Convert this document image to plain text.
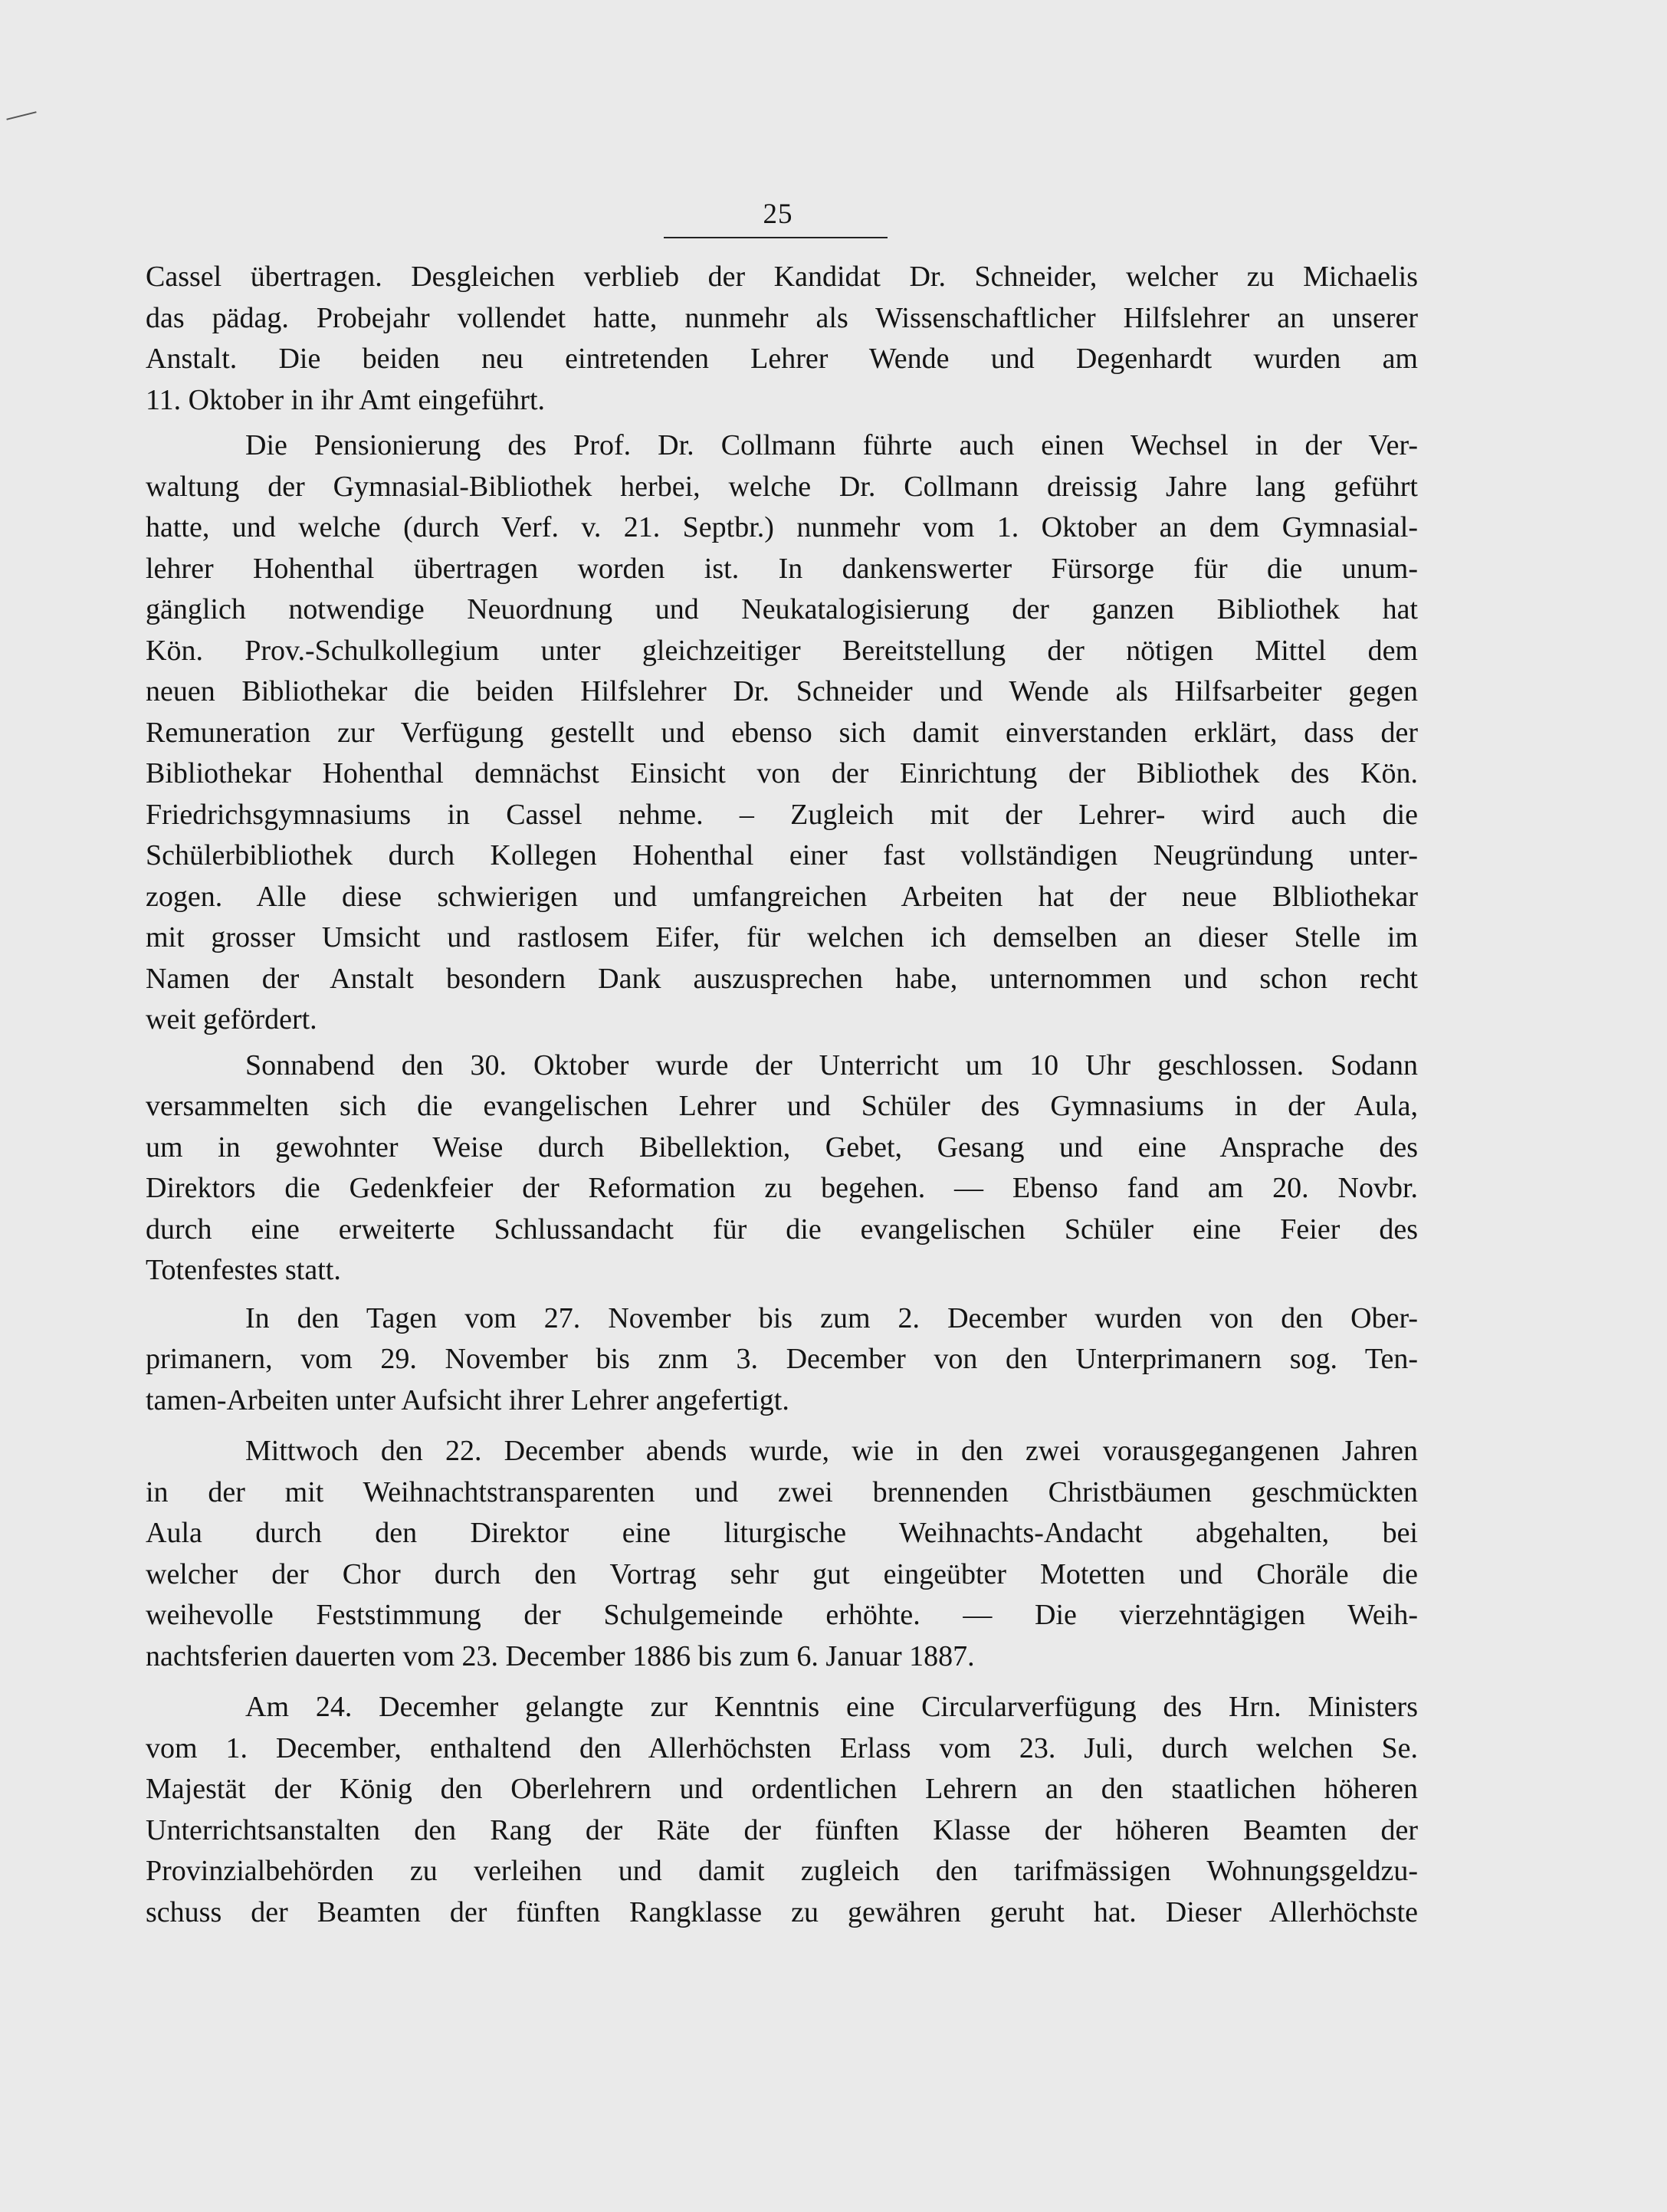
25
Cassel übertragen. Desgleichen verblieb der Kandidat Dr. Schneider, welcher zu Michaelis
das pädag. Probejahr vollendet hatte, nunmehr als Wissenschaftlicher Hilfslehrer an unserer
Anstalt. Die beiden neu eintretenden Lehrer Wende und Degenhardt wurden am
11. Oktober in ihr Amt eingeführt.
Die Pensionierung des Prof. Dr. Collmann führte auch einen Wechsel in der Ver-
waltung der Gymnasial-Bibliothek herbei, welche Dr. Collmann dreissig Jahre lang geführt
hatte, und welche (durch Verf. v. 21. Septbr.) nunmehr vom 1. Oktober an dem Gymnasial-
lehrer Hohenthal übertragen worden ist. In dankenswerter Fürsorge für die unum-
gänglich notwendige Neuordnung und Neukatalogisierung der ganzen Bibliothek hat
Kön. Prov.-Schulkollegium unter gleichzeitiger Bereitstellung der nötigen Mittel dem
neuen Bibliothekar die beiden Hilfslehrer Dr. Schneider und Wende als Hilfsarbeiter gegen
Remuneration zur Verfügung gestellt und ebenso sich damit einverstanden erklärt, dass der
Bibliothekar Hohenthal demnächst Einsicht von der Einrichtung der Bibliothek des Kön.
Friedrichsgymnasiums in Cassel nehme. – Zugleich mit der Lehrer- wird auch die
Schülerbibliothek durch Kollegen Hohenthal einer fast vollständigen Neugründung unter-
zogen. Alle diese schwierigen und umfangreichen Arbeiten hat der neue Blbliothekar
mit grosser Umsicht und rastlosem Eifer, für welchen ich demselben an dieser Stelle im
Namen der Anstalt besondern Dank auszusprechen habe, unternommen und schon recht
weit gefördert.
Sonnabend den 30. Oktober wurde der Unterricht um 10 Uhr geschlossen. Sodann
versammelten sich die evangelischen Lehrer und Schüler des Gymnasiums in der Aula,
um in gewohnter Weise durch Bibellektion, Gebet, Gesang und eine Ansprache des
Direktors die Gedenkfeier der Reformation zu begehen. — Ebenso fand am 20. Novbr.
durch eine erweiterte Schlussandacht für die evangelischen Schüler eine Feier des
Totenfestes statt.
In den Tagen vom 27. November bis zum 2. December wurden von den Ober-
primanern, vom 29. November bis znm 3. December von den Unterprimanern sog. Ten-
tamen-Arbeiten unter Aufsicht ihrer Lehrer angefertigt.
Mittwoch den 22. December abends wurde, wie in den zwei vorausgegangenen Jahren
in der mit Weihnachtstransparenten und zwei brennenden Christbäumen geschmückten
Aula durch den Direktor eine liturgische Weihnachts-Andacht abgehalten, bei
welcher der Chor durch den Vortrag sehr gut eingeübter Motetten und Choräle die
weihevolle Feststimmung der Schulgemeinde erhöhte. — Die vierzehntägigen Weih-
nachtsferien dauerten vom 23. December 1886 bis zum 6. Januar 1887.
Am 24. Decemher gelangte zur Kenntnis eine Circularverfügung des Hrn. Ministers
vom 1. December, enthaltend den Allerhöchsten Erlass vom 23. Juli, durch welchen Se.
Majestät der König den Oberlehrern und ordentlichen Lehrern an den staatlichen höheren
Unterrichtsanstalten den Rang der Räte der fünften Klasse der höheren Beamten der
Provinzialbehörden zu verleihen und damit zugleich den tarifmässigen Wohnungsgeldzu-
schuss der Beamten der fünften Rangklasse zu gewähren geruht hat. Dieser Allerhöchste
